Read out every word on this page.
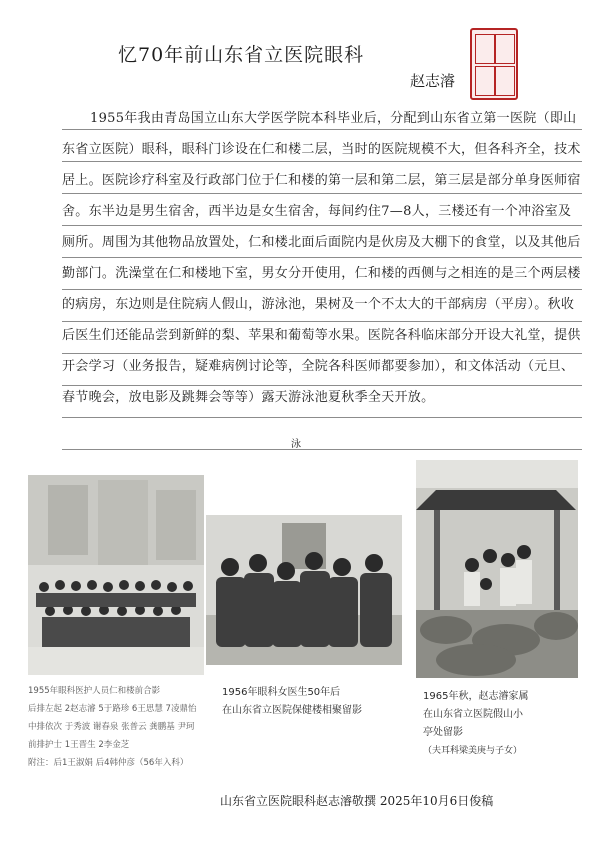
忆70年前山东省立医院眼科
赵志濬
1955年我由青岛国立山东大学医学院本科毕业后，分配到山东省立第一医院（即山东省立医院）眼科，眼科门诊设在仁和楼二层，当时的医院规模不大，但各科齐全，技术居上。医院诊疗科室及行政部门位于仁和楼的第一层和第二层，第三层是部分单身医师宿舍。东半边是男生宿舍，西半边是女生宿舍，每间约住7—8人，三楼还有一个冲浴室及厕所。周围为其他物品放置处，仁和楼北面后面院内是伙房及大棚下的食堂，以及其他后勤部门。洗澡堂在仁和楼地下室，男女分开使用，仁和楼的西侧与之相连的是三个两层楼的病房，东边则是住院病人假山，游泳池，果树及一个不太大的干部病房（平房）。秋收后医生们还能品尝到新鲜的梨、苹果和葡萄等水果。医院各科临床部分开设大礼堂，提供开会学习（业务报告，疑难病例讨论等，全院各科医师都要参加），和文体活动（元旦、春节晚会，放电影及跳舞会等等）露天游泳池夏秋季全天开放。
泳
1955年眼科医护人员仁和楼前合影
后排左起 2赵志濬 5于路珍 6王思慧 7凌鼎怡
中排依次 于秀波 谢春泉 张普云 龚鹏基 尹珂
前排护士 1王晋生 2李金芝
附注：后1王淑娟 后4韩仲彦（56年入科）
1956年眼科女医生50年后
在山东省立医院保健楼相聚留影
1965年秋，赵志濬家属
在山东省立医院假山小
亭处留影
（夫耳科梁美庚与子女）
山东省立医院眼科赵志濬敬撰 2025年10月6日俊稿
